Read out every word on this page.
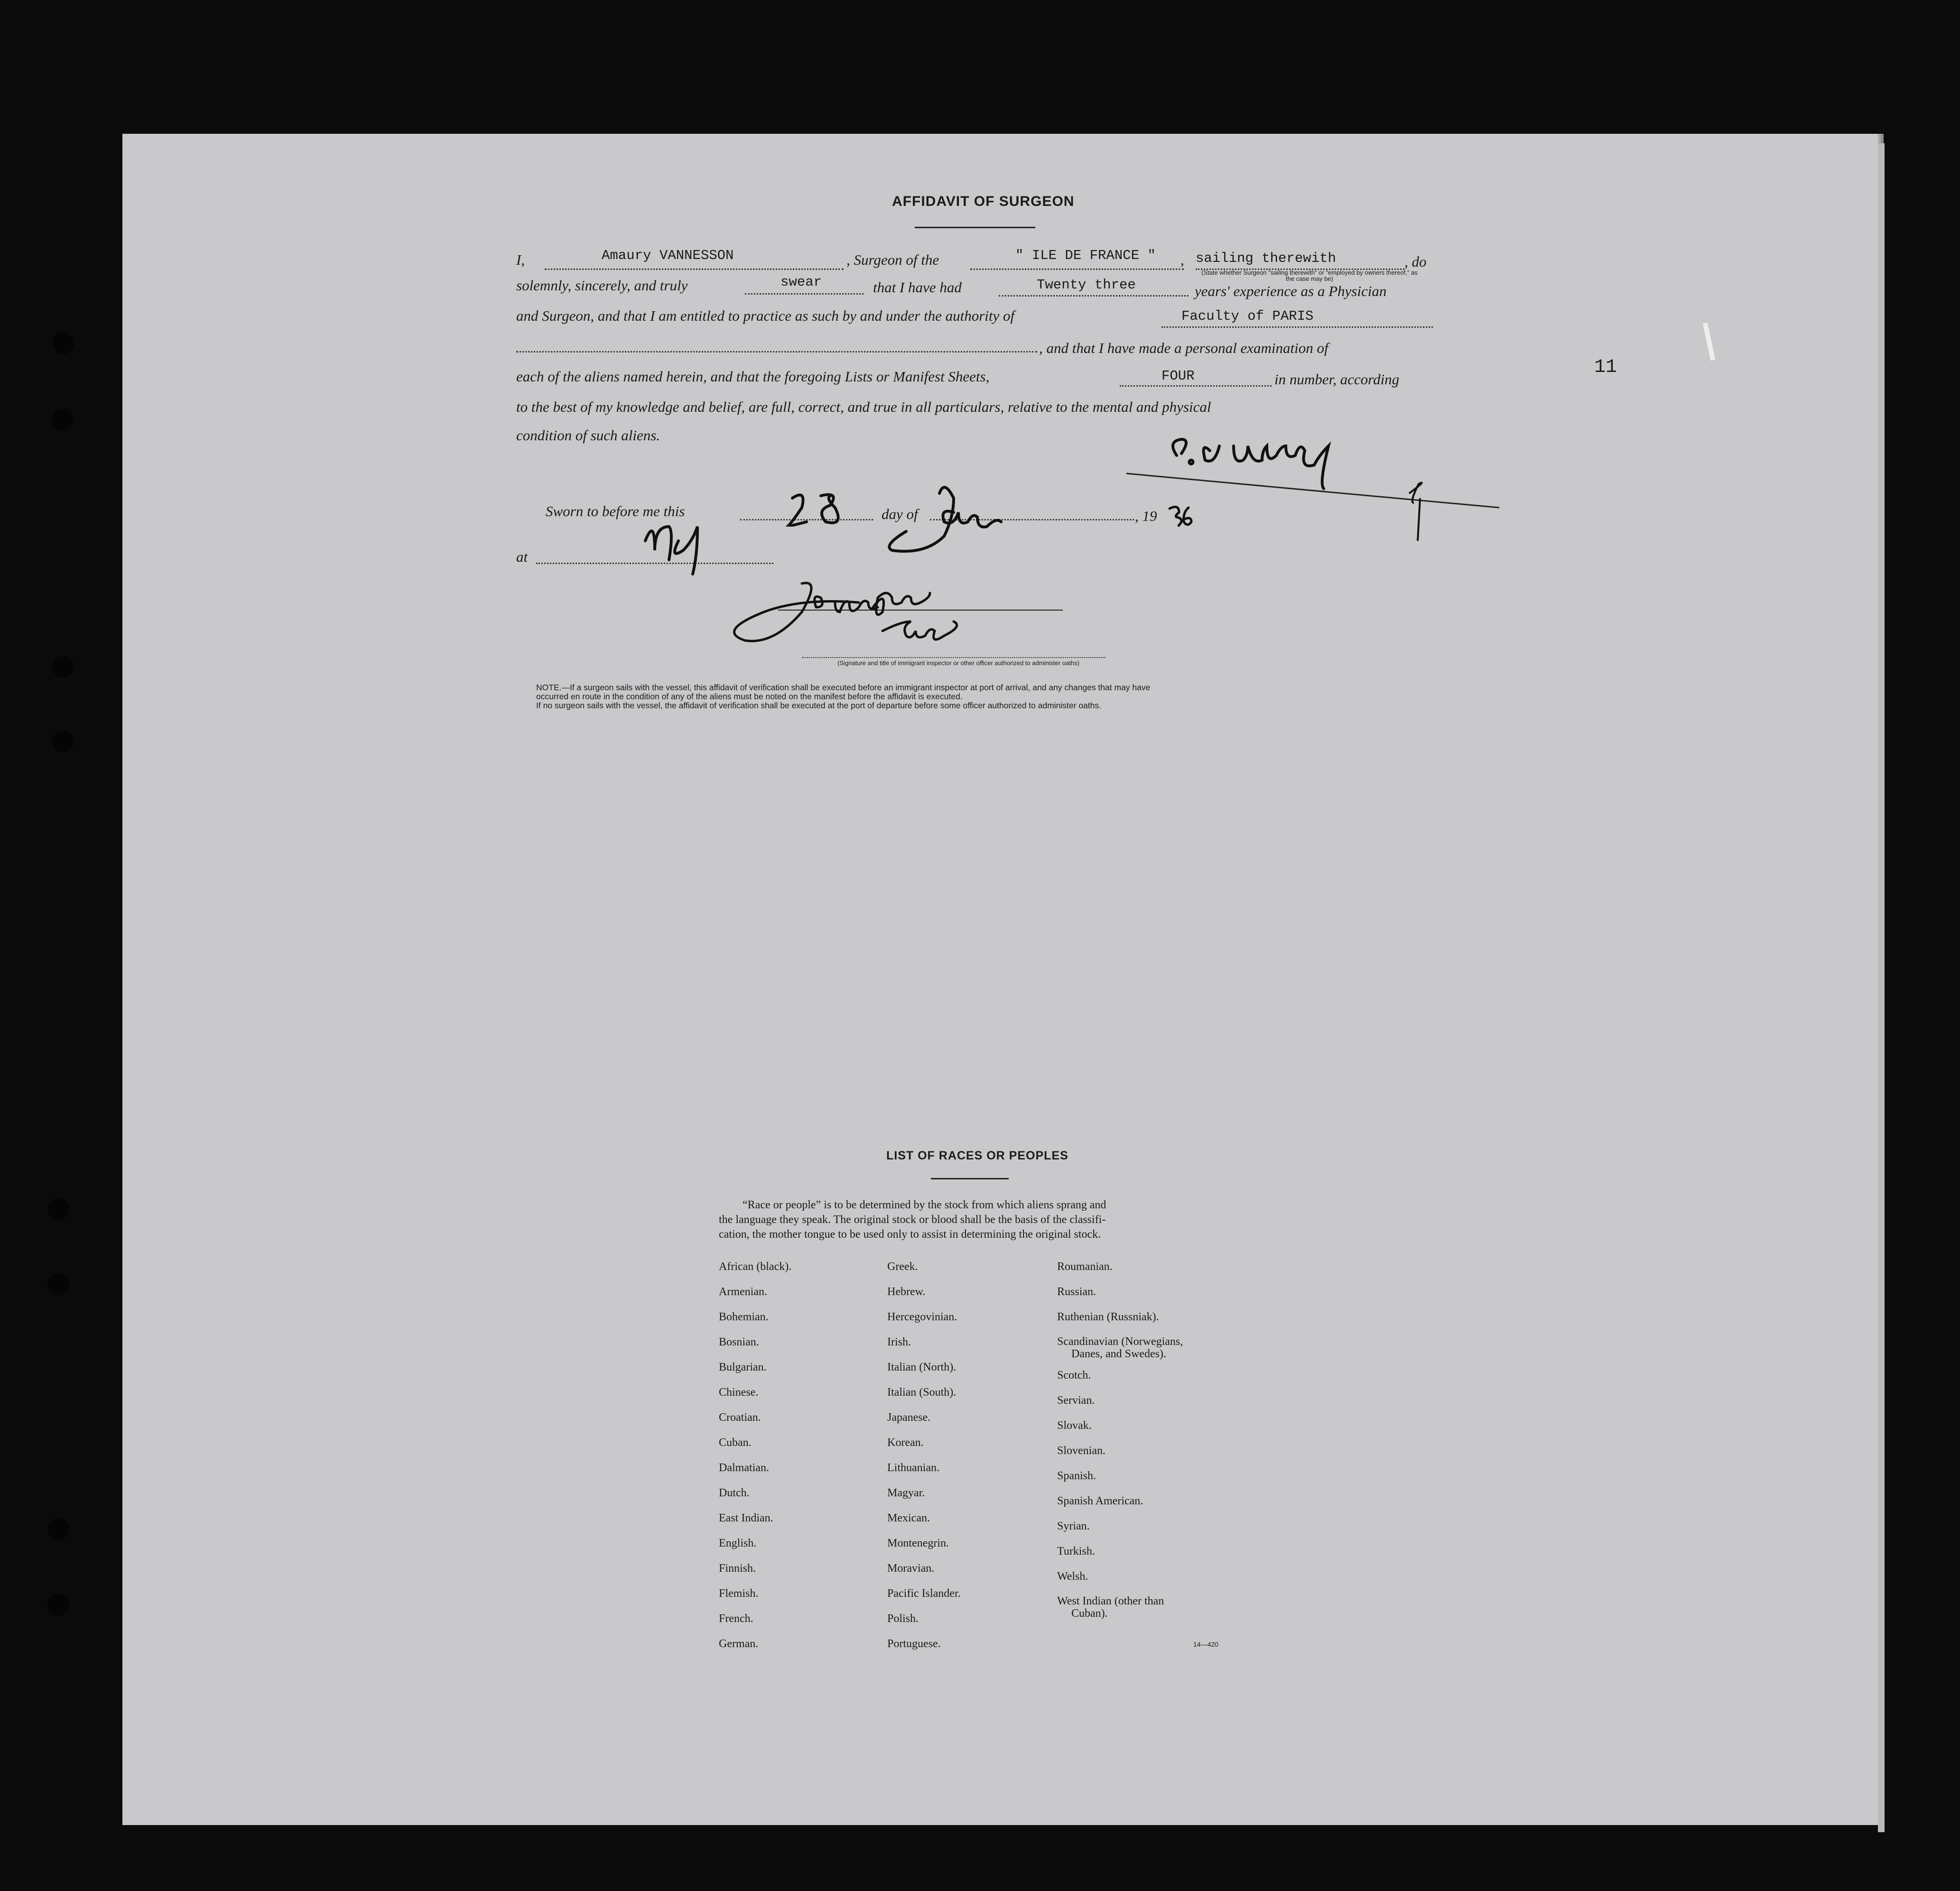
AFFIDAVIT OF SURGEON
I,	Amaury VANNESSON	, Surgeon of the	" ILE DE FRANCE " , sailing therewith	, do
(State whether Surgeon "sailing therewith" or "employed by owners thereof," as the case may be)
solemnly, sincerely, and truly	swear	that I have had	Twenty three	years' experience as a Physician
and Surgeon, and that I am entitled to practice as such by and under the authority of	Faculty of PARIS
, and that I have made a personal examination of
each of the aliens named herein, and that the foregoing Lists or Manifest Sheets,	FOUR	in number, according
to the best of my knowledge and belief, are full, correct, and true in all particulars, relative to the mental and physical
condition of such aliens.
11
Sworn to before me this	day of	, 19
at
(Signature and title of immigrant inspector or other officer authorized to administer oaths)
NOTE.—If a surgeon sails with the vessel, this affidavit of verification shall be executed before an immigrant inspector at port of arrival, and any changes that may have
occurred en route in the condition of any of the aliens must be noted on the manifest before the affidavit is executed.
If no surgeon sails with the vessel, the affidavit of verification shall be executed at the port of departure before some officer authorized to administer oaths.
LIST OF RACES OR PEOPLES
“Race or people” is to be determined by the stock from which aliens sprang and
the language they speak. The original stock or blood shall be the basis of the classifi-
cation, the mother tongue to be used only to assist in determining the original stock.
African (black).
Armenian.
Bohemian.
Bosnian.
Bulgarian.
Chinese.
Croatian.
Cuban.
Dalmatian.
Dutch.
East Indian.
English.
Finnish.
Flemish.
French.
German.
Greek.
Hebrew.
Hercegovinian.
Irish.
Italian (North).
Italian (South).
Japanese.
Korean.
Lithuanian.
Magyar.
Mexican.
Montenegrin.
Moravian.
Pacific Islander.
Polish.
Portuguese.
Roumanian.
Russian.
Ruthenian (Russniak).
Scandinavian (Norwegians,
Danes, and Swedes).
Scotch.
Servian.
Slovak.
Slovenian.
Spanish.
Spanish American.
Syrian.
Turkish.
Welsh.
West Indian (other than
Cuban).
14—420
